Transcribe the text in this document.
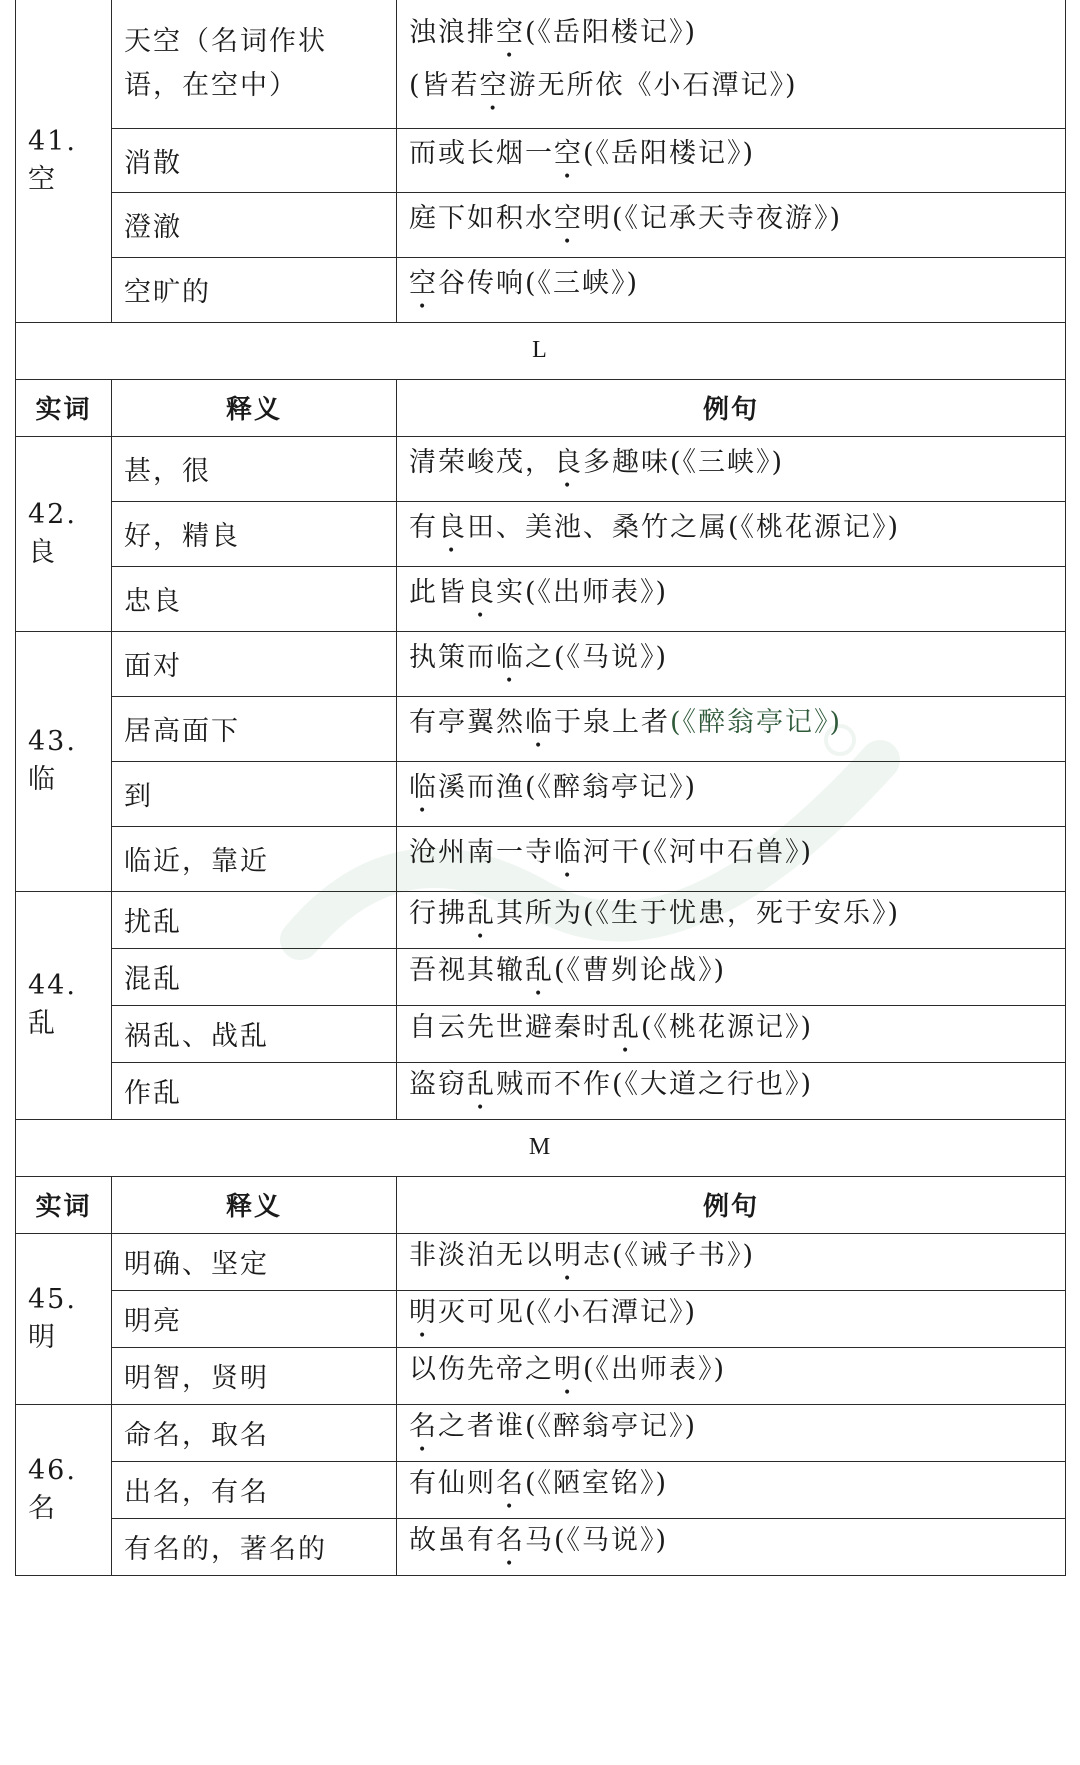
41. 空	天空（名词作状语，在空中）	浊浪排空(《岳阳楼记》)
(皆若空游无所依《小石潭记》)

	消散	而或长烟一空(《岳阳楼记》)

	澄澈	庭下如积水空明(《记承天寺夜游》)

	空旷的	空谷传响(《三峡》)

L		
实词	释义	例句
42. 良	甚，很	清荣峻茂，良多趣味(《三峡》)

	好，精良	有良田、美池、桑竹之属(《桃花源记》)

	忠良	此皆良实(《出师表》)

43. 临	面对	执策而临之(《马说》)

	居高面下	有亭翼然临于泉上者(《醉翁亭记》)

	到	临溪而渔(《醉翁亭记》)

	临近，靠近	沧州南一寺临河干(《河中石兽》)

44. 乱	扰乱	行拂乱其所为(《生于忧患，死于安乐》)

	混乱	吾视其辙乱(《曹刿论战》)

	祸乱、战乱	自云先世避秦时乱(《桃花源记》)

	作乱	盗窃乱贼而不作(《大道之行也》)

M		
实词	释义	例句
45. 明	明确、坚定	非淡泊无以明志(《诫子书》)

	明亮	明灭可见(《小石潭记》)

	明智，贤明	以伤先帝之明(《出师表》)

46. 名	命名，取名	名之者谁(《醉翁亭记》)

	出名，有名	有仙则名(《陋室铭》)

	有名的，著名的	故虽有名马(《马说》)
